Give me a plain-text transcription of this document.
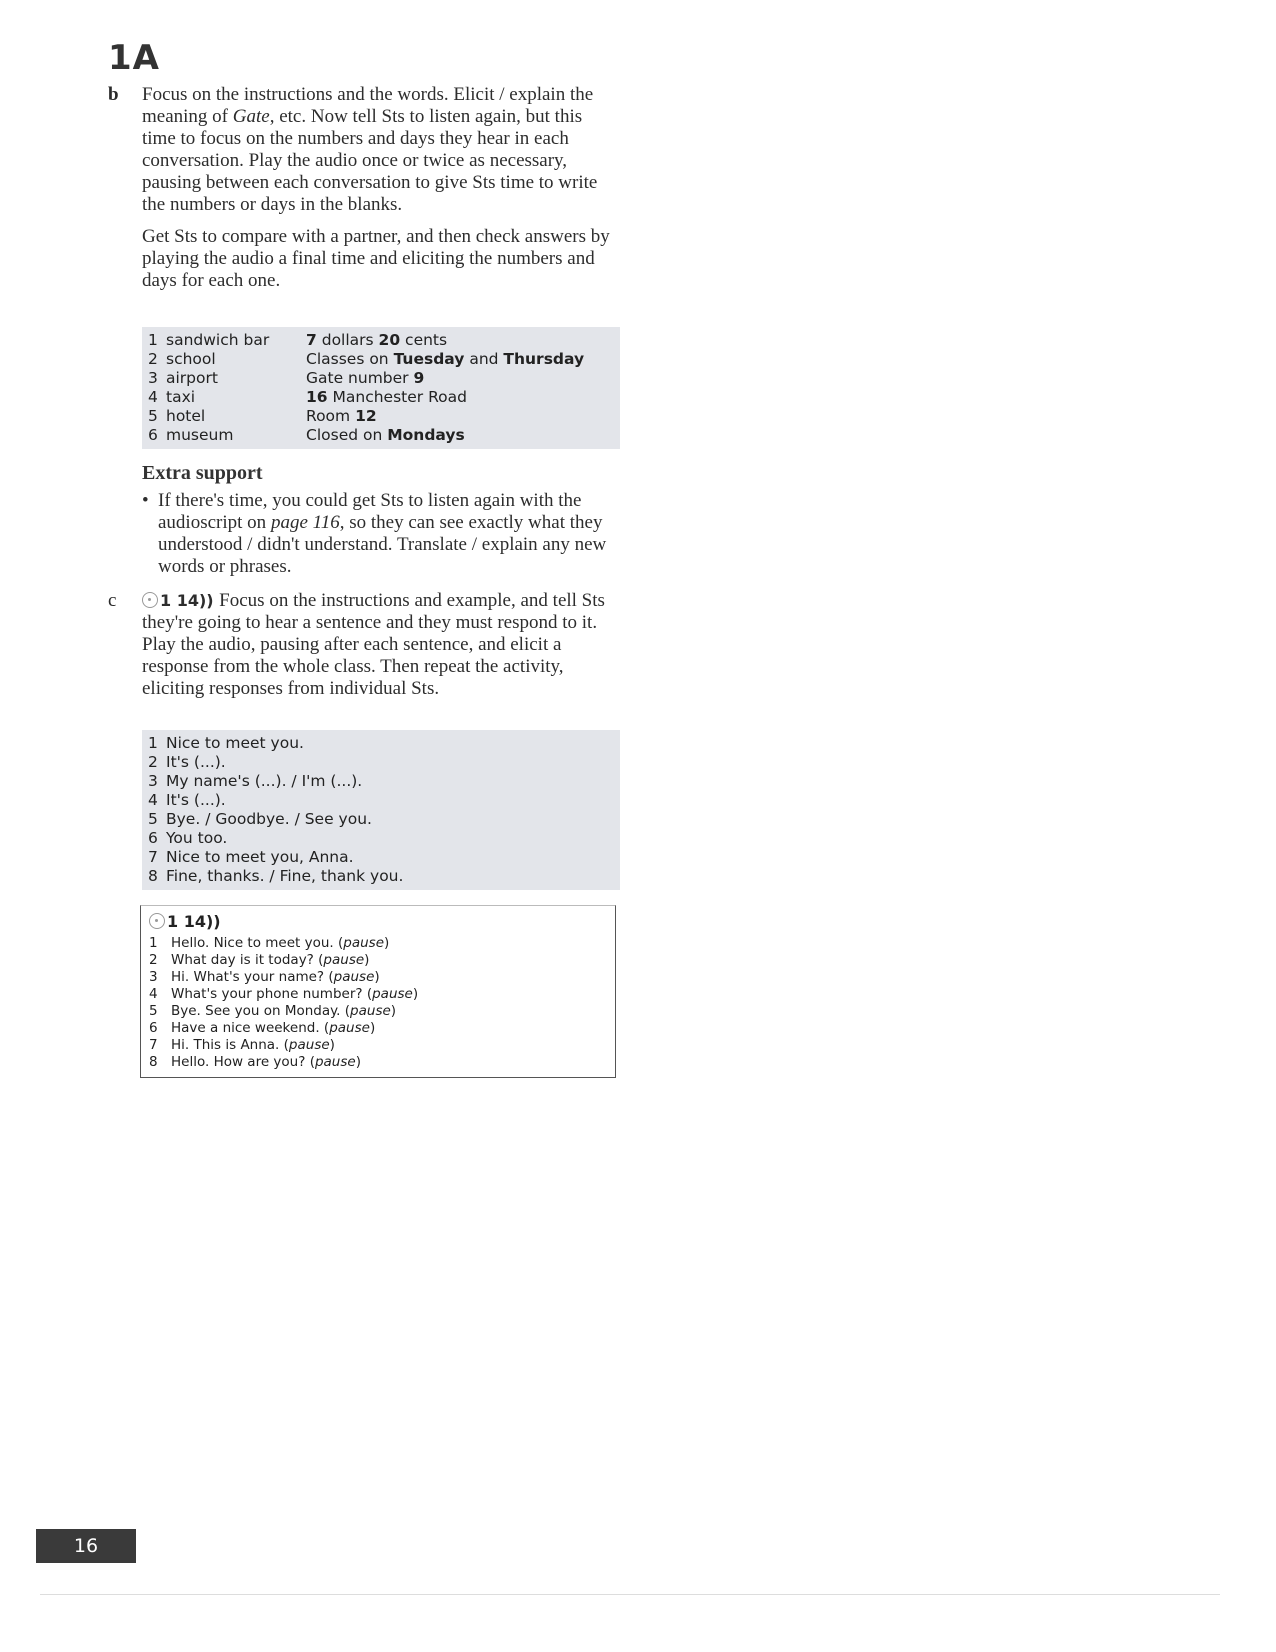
1A
b	Focus on the instructions and the words. Elicit / explain the meaning of Gate, etc. Now tell Sts to listen again, but this time to focus on the numbers and days they hear in each conversation. Play the audio once or twice as necessary, pausing between each conversation to give Sts time to write the numbers or days in the blanks.

Get Sts to compare with a partner, and then check answers by playing the audio a final time and eliciting the numbers and days for each one.

1 sandwich bar	7 dollars 20 cents
2 school	Classes on Tuesday and Thursday
3 airport	Gate number 9
4 taxi	16 Manchester Road
5 hotel	Room 12
6 museum	Closed on Mondays
Extra support
• If there's time, you could get Sts to listen again with the audioscript on page 116, so they can see exactly what they understood / didn't understand. Translate / explain any new words or phrases.
c	1 14)) Focus on the instructions and example, and tell Sts they're going to hear a sentence and they must respond to it. Play the audio, pausing after each sentence, and elicit a response from the whole class. Then repeat the activity, eliciting responses from individual Sts.

1 Nice to meet you.
2 It's (...).
3 My name's (...). / I'm (...).
4 It's (...).
5 Bye. / Goodbye. / See you.
6 You too.
7 Nice to meet you, Anna.
8 Fine, thanks. / Fine, thank you.
1 14))
1 Hello. Nice to meet you. (pause)
2 What day is it today? (pause)
3 Hi. What's your name? (pause)
4 What's your phone number? (pause)
5 Bye. See you on Monday. (pause)
6 Have a nice weekend. (pause)
7 Hi. This is Anna. (pause)
8 Hello. How are you? (pause)
16
